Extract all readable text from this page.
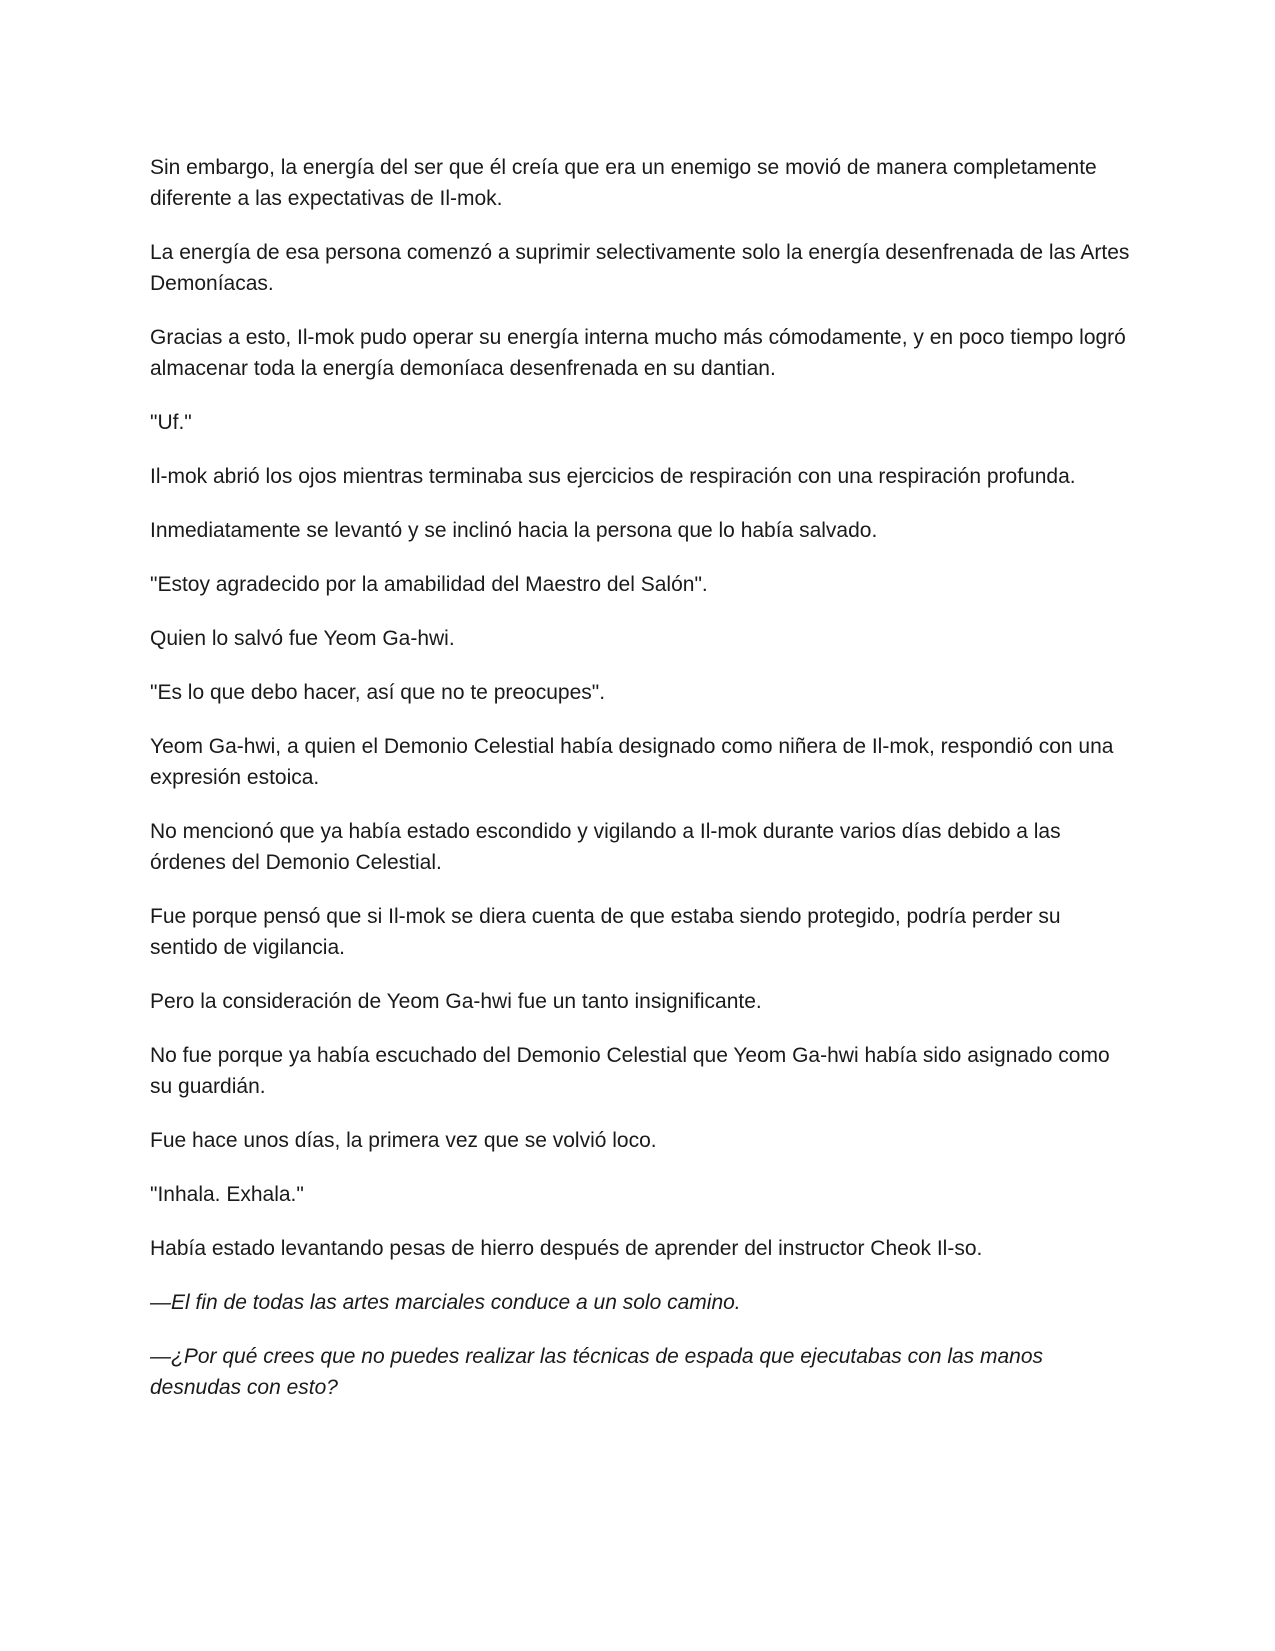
Sin embargo, la energía del ser que él creía que era un enemigo se movió de manera completamente diferente a las expectativas de Il-mok.

La energía de esa persona comenzó a suprimir selectivamente solo la energía desenfrenada de las Artes Demoníacas.

Gracias a esto, Il-mok pudo operar su energía interna mucho más cómodamente, y en poco tiempo logró almacenar toda la energía demoníaca desenfrenada en su dantian.

"Uf."

Il-mok abrió los ojos mientras terminaba sus ejercicios de respiración con una respiración profunda.

Inmediatamente se levantó y se inclinó hacia la persona que lo había salvado.

"Estoy agradecido por la amabilidad del Maestro del Salón".

Quien lo salvó fue Yeom Ga-hwi.

"Es lo que debo hacer, así que no te preocupes".

Yeom Ga-hwi, a quien el Demonio Celestial había designado como niñera de Il-mok, respondió con una expresión estoica.

No mencionó que ya había estado escondido y vigilando a Il-mok durante varios días debido a las órdenes del Demonio Celestial.

Fue porque pensó que si Il-mok se diera cuenta de que estaba siendo protegido, podría perder su sentido de vigilancia.

Pero la consideración de Yeom Ga-hwi fue un tanto insignificante.

No fue porque ya había escuchado del Demonio Celestial que Yeom Ga-hwi había sido asignado como su guardián.

Fue hace unos días, la primera vez que se volvió loco.

"Inhala. Exhala."

Había estado levantando pesas de hierro después de aprender del instructor Cheok Il-so.

—El fin de todas las artes marciales conduce a un solo camino.

—¿Por qué crees que no puedes realizar las técnicas de espada que ejecutabas con las manos desnudas con esto?
